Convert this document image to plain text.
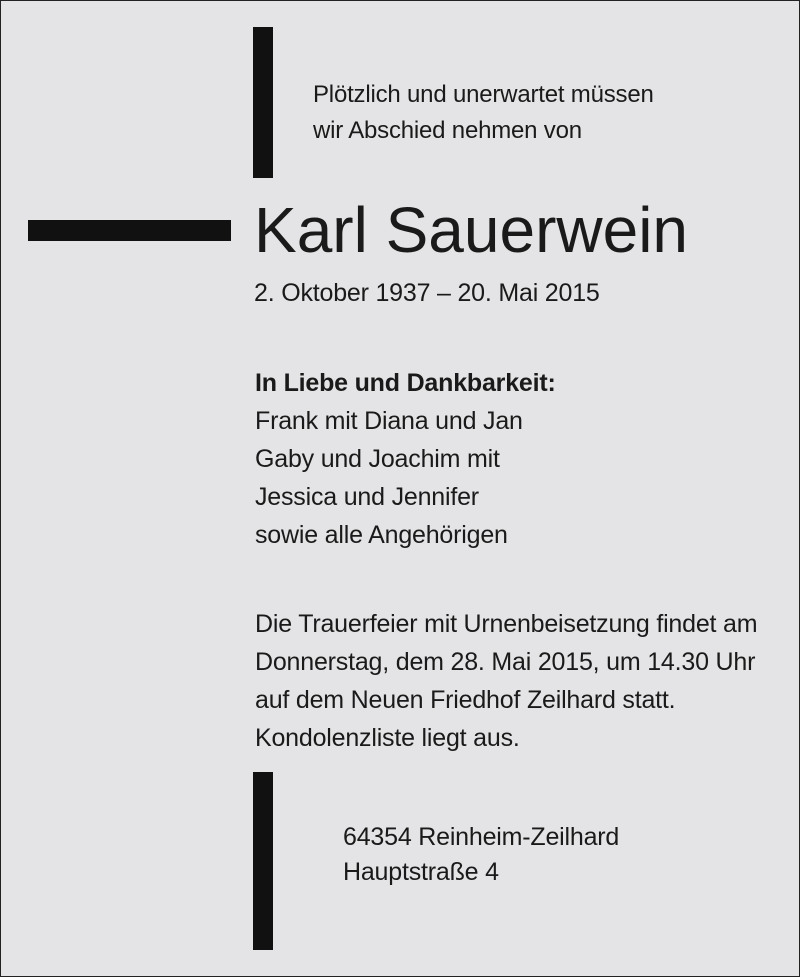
Plötzlich und unerwartet müssen
wir Abschied nehmen von
Karl Sauerwein
2. Oktober 1937 – 20. Mai 2015
In Liebe und Dankbarkeit:
Frank mit Diana und Jan
Gaby und Joachim mit
Jessica und Jennifer
sowie alle Angehörigen
Die Trauerfeier mit Urnenbeisetzung findet am
Donnerstag, dem 28. Mai 2015, um 14.30 Uhr
auf dem Neuen Friedhof Zeilhard statt.
Kondolenzliste liegt aus.
64354 Reinheim-Zeilhard
Hauptstraße 4
